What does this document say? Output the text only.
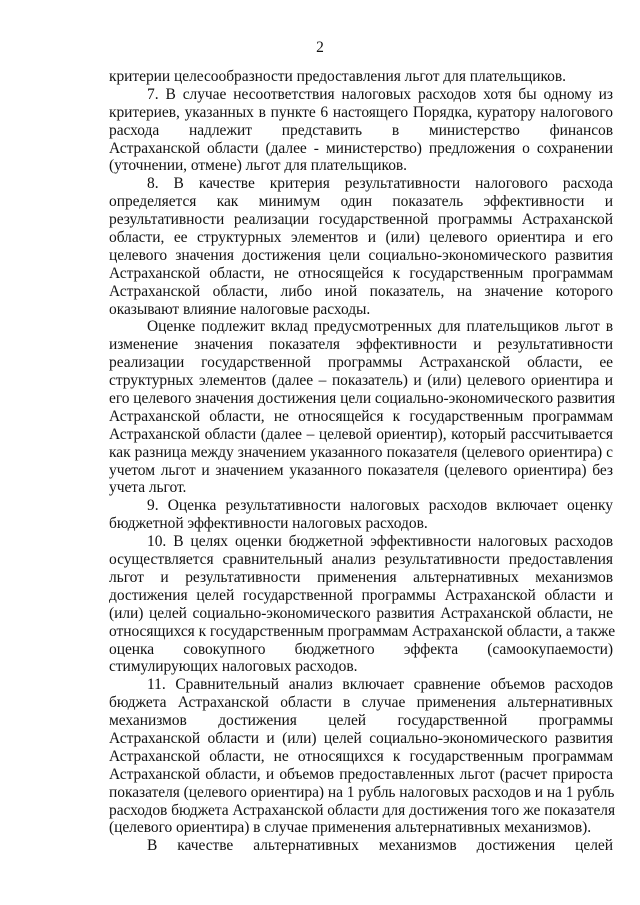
2
критерии целесообразности предоставления льгот для плательщиков.
7. В случае несоответствия налоговых расходов хотя бы одному из
критериев, указанных в пункте 6 настоящего Порядка, куратору налогового
расхода надлежит представить в министерство финансов
Астраханской области (далее - министерство) предложения о сохранении
(уточнении, отмене) льгот для плательщиков.
8. В качестве критерия результативности налогового расхода
определяется как минимум один показатель эффективности и
результативности реализации государственной программы Астраханской
области, ее структурных элементов и (или) целевого ориентира и его
целевого значения достижения цели социально-экономического развития
Астраханской области, не относящейся к государственным программам
Астраханской области, либо иной показатель, на значение которого
оказывают влияние налоговые расходы.
Оценке подлежит вклад предусмотренных для плательщиков льгот в
изменение значения показателя эффективности и результативности
реализации государственной программы Астраханской области, ее
структурных элементов (далее – показатель) и (или) целевого ориентира и
его целевого значения достижения цели социально-экономического развития
Астраханской области, не относящейся к государственным программам
Астраханской области (далее – целевой ориентир), который рассчитывается
как разница между значением указанного показателя (целевого ориентира) с
учетом льгот и значением указанного показателя (целевого ориентира) без
учета льгот.
9. Оценка результативности налоговых расходов включает оценку
бюджетной эффективности налоговых расходов.
10. В целях оценки бюджетной эффективности налоговых расходов
осуществляется сравнительный анализ результативности предоставления
льгот и результативности применения альтернативных механизмов
достижения целей государственной программы Астраханской области и
(или) целей социально-экономического развития Астраханской области, не
относящихся к государственным программам Астраханской области, а также
оценка совокупного бюджетного эффекта (самоокупаемости)
стимулирующих налоговых расходов.
11. Сравнительный анализ включает сравнение объемов расходов
бюджета Астраханской области в случае применения альтернативных
механизмов достижения целей государственной программы
Астраханской области и (или) целей социально-экономического развития
Астраханской области, не относящихся к государственным программам
Астраханской области, и объемов предоставленных льгот (расчет прироста
показателя (целевого ориентира) на 1 рубль налоговых расходов и на 1 рубль
расходов бюджета Астраханской области для достижения того же показателя
(целевого ориентира) в случае применения альтернативных механизмов).
В качестве альтернативных механизмов достижения целей
